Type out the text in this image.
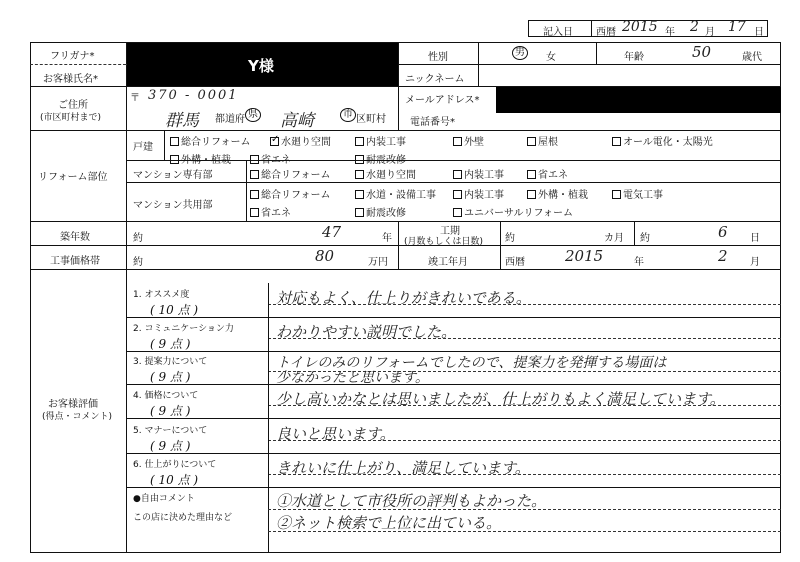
記入日 西暦 2015 年 2 月 17 日
フリガナ*
お客様氏名*
Y様	性別	男	女	年齢	50	歳代
ニックネーム
ご住所
(市区町村まで)
〒 370 - 0001
群馬 都道府 県 高崎	市 区町村
メールアドレス*
電話番号*
リフォーム部位
戸建
マンション専有部
マンション共用部
総合リフォーム
✓	水廻り空間	内装工事	外壁	屋根	オール電化・太陽光
外構・植栽	省エネ	耐震改修
総合リフォーム	水廻り空間	内装工事	省エネ
総合リフォーム	水道・設備工事	内装工事	外構・植栽	電気工事
省エネ	耐震改修	ユニバーサルリフォーム
築年数	約	47	年
工期
(月数もしくは日数) 約	カ月 約	6 日
工事価格帯	約	80	万円	竣工年月	西暦	2015	年	2 月
お客様評価
(得点・コメント)
1. オススメ度
( 10 点 )
対応もよく、仕上りがきれいである。
2. コミュニケーション力
( 9 点 )
わかりやすい説明でした。
3. 提案力について
( 9 点 )
トイレのみのリフォームでしたので、提案力を発揮する場面は
少なかったと思います。
4. 価格について
( 9 点 )
少し高いかなとは思いましたが、仕上がりもよく満足しています。
5. マナーについて
( 9 点 )
良いと思います。
6. 仕上がりについて
( 10 点 )
きれいに仕上がり、満足しています。
●自由コメント
この店に決めた理由など
①水道として市役所の評判もよかった。
②ネット検索で上位に出ている。
